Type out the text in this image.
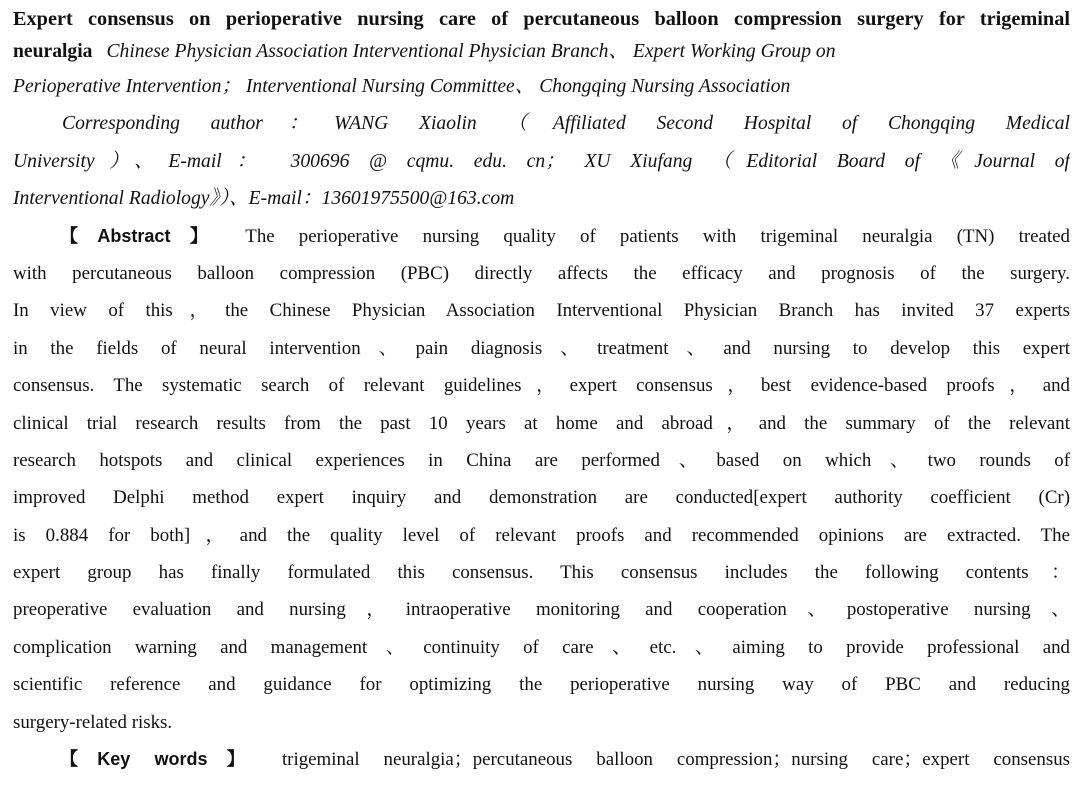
Expert consensus on perioperative nursing care of percutaneous balloon compression surgery for trigeminal
neuralgia Chinese Physician Association Interventional Physician Branch、 Expert Working Group on
Perioperative Intervention； Interventional Nursing Committee、 Chongqing Nursing Association
Corresponding author：WANG Xiaolin （Affiliated Second Hospital of Chongqing Medical
University）、E-mail： 300696 @ cqmu. edu. cn； XU Xiufang （Editorial Board of 《Journal of
Interventional Radiology》）、E-mail：13601975500@163.com
【Abstract】 The perioperative nursing quality of patients with trigeminal neuralgia (TN) treated
with percutaneous balloon compression (PBC) directly affects the efficacy and prognosis of the surgery.
In view of this，the Chinese Physician Association Interventional Physician Branch has invited 37 experts
in the fields of neural intervention、pain diagnosis、treatment、and nursing to develop this expert
consensus. The systematic search of relevant guidelines，expert consensus，best evidence-based proofs，and
clinical trial research results from the past 10 years at home and abroad，and the summary of the relevant
research hotspots and clinical experiences in China are performed、based on which、two rounds of
improved Delphi method expert inquiry and demonstration are conducted[expert authority coefficient (Cr)
is 0.884 for both]，and the quality level of relevant proofs and recommended opinions are extracted. The
expert group has finally formulated this consensus. This consensus includes the following contents：
preoperative evaluation and nursing，intraoperative monitoring and cooperation、postoperative nursing、
complication warning and management、continuity of care、etc.、aiming to provide professional and
scientific reference and guidance for optimizing the perioperative nursing way of PBC and reducing
surgery-related risks.
【Key words】 trigeminal neuralgia；percutaneous balloon compression；nursing care；expert consensus
